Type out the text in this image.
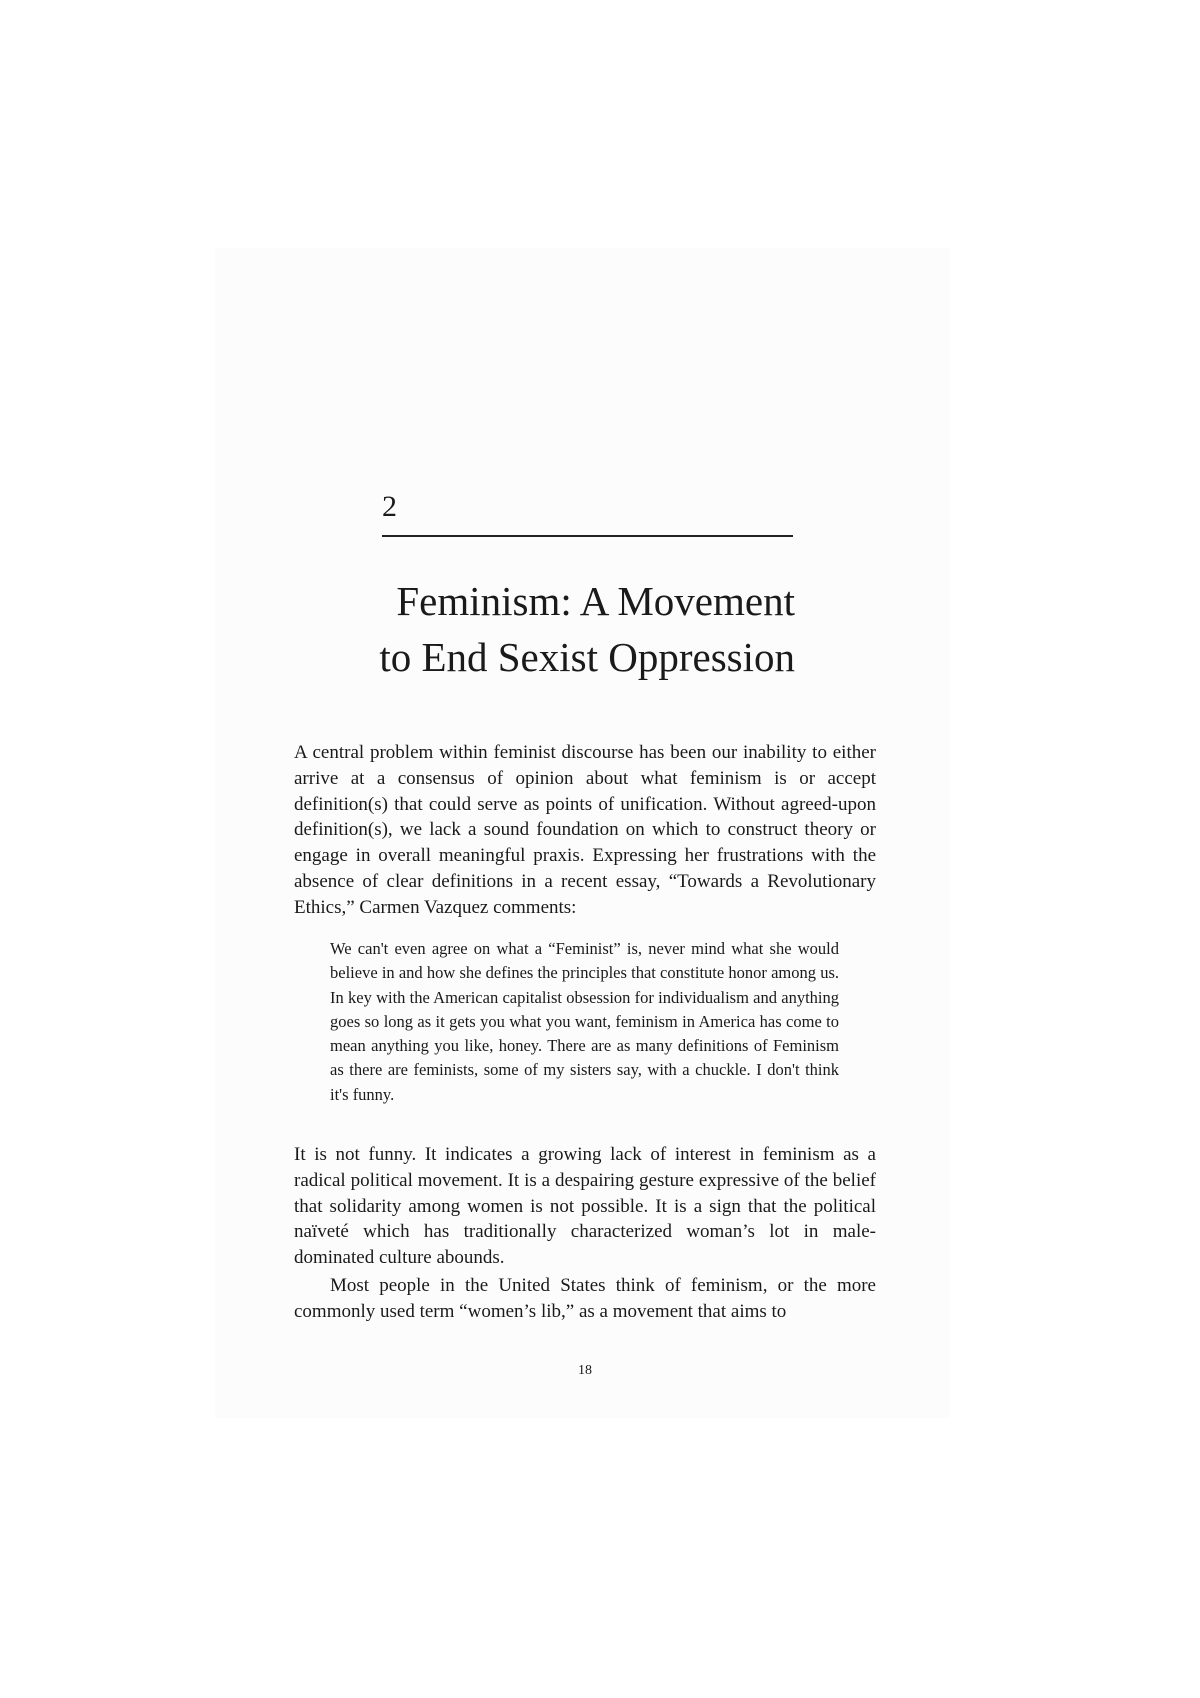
2
Feminism: A Movement
to End Sexist Oppression

A central problem within feminist discourse has been our inability to either arrive at a consensus of opinion about what feminism is or accept definition(s) that could serve as points of unification. Without agreed-upon definition(s), we lack a sound foundation on which to construct theory or engage in overall meaningful praxis. Expressing her frustrations with the absence of clear definitions in a recent essay, “Towards a Revolutionary Ethics,” Carmen Vazquez comments:

We can't even agree on what a “Feminist” is, never mind what she would believe in and how she defines the principles that constitute honor among us. In key with the American capitalist obsession for individualism and anything goes so long as it gets you what you want, feminism in America has come to mean anything you like, honey. There are as many definitions of Feminism as there are feminists, some of my sisters say, with a chuckle. I don't think it's funny.

It is not funny. It indicates a growing lack of interest in feminism as a radical political movement. It is a despairing gesture expressive of the belief that solidarity among women is not possible. It is a sign that the political naïveté which has traditionally characterized woman’s lot in male-dominated culture abounds.

Most people in the United States think of feminism, or the more commonly used term “women’s lib,” as a movement that aims to

18
